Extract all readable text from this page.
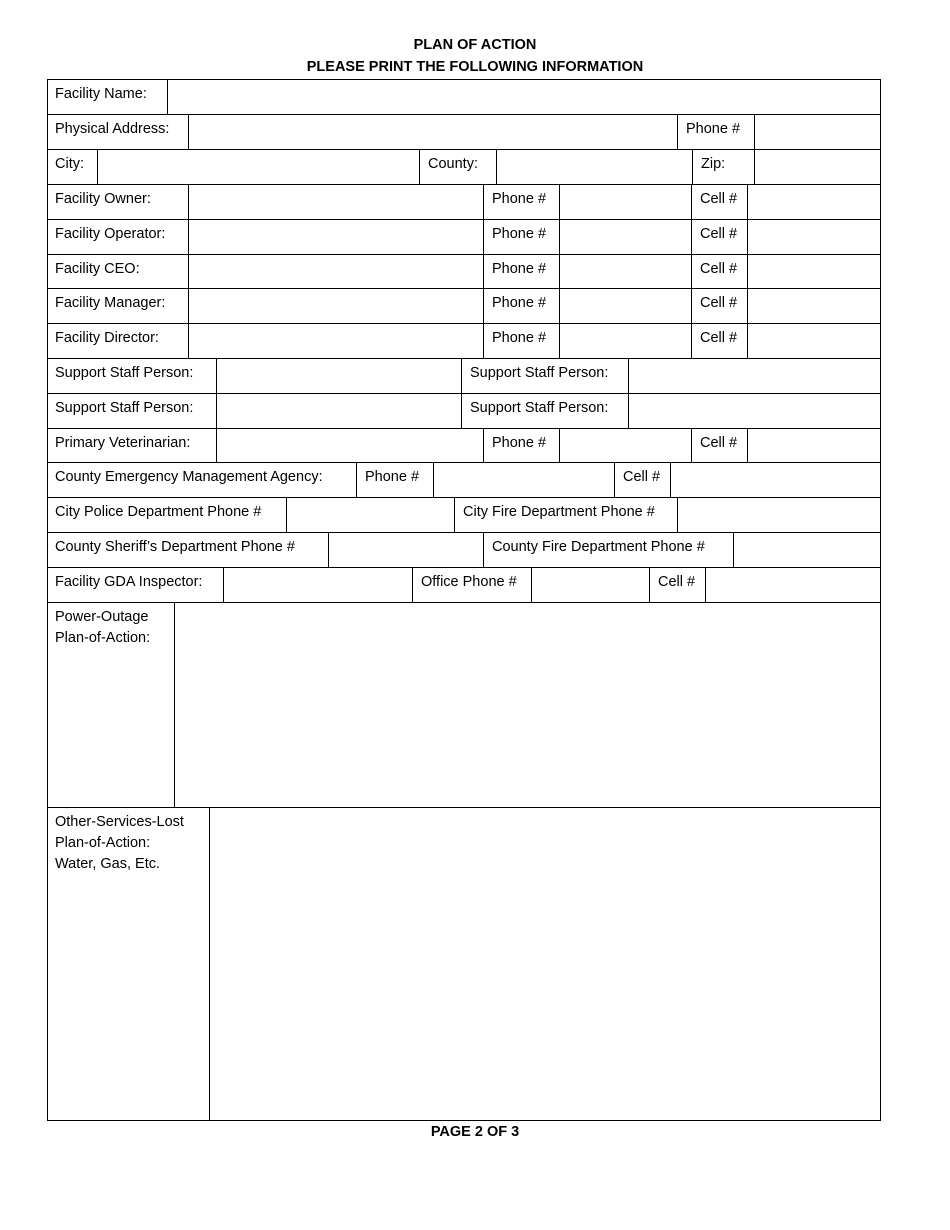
PLAN OF ACTION
PLEASE PRINT THE FOLLOWING INFORMATION
Facility Name:
Physical Address:	Phone #
City:	County:	Zip:
Facility Owner:	Phone #	Cell #
Facility Operator:	Phone #	Cell #
Facility CEO:	Phone #	Cell #
Facility Manager:	Phone #	Cell #
Facility Director:	Phone #	Cell #
Support Staff Person:	Support Staff Person:
Support Staff Person:	Support Staff Person:
Primary Veterinarian:	Phone #	Cell #
County Emergency Management Agency:	Phone #	Cell #
City Police Department Phone #	City Fire Department Phone #
County Sheriff’s Department Phone #	County Fire Department Phone #
Facility GDA Inspector:	Office Phone #	Cell #
Power-Outage
Plan-of-Action:
Other-Services-Lost
Plan-of-Action:
Water, Gas, Etc.
PAGE 2 OF 3
